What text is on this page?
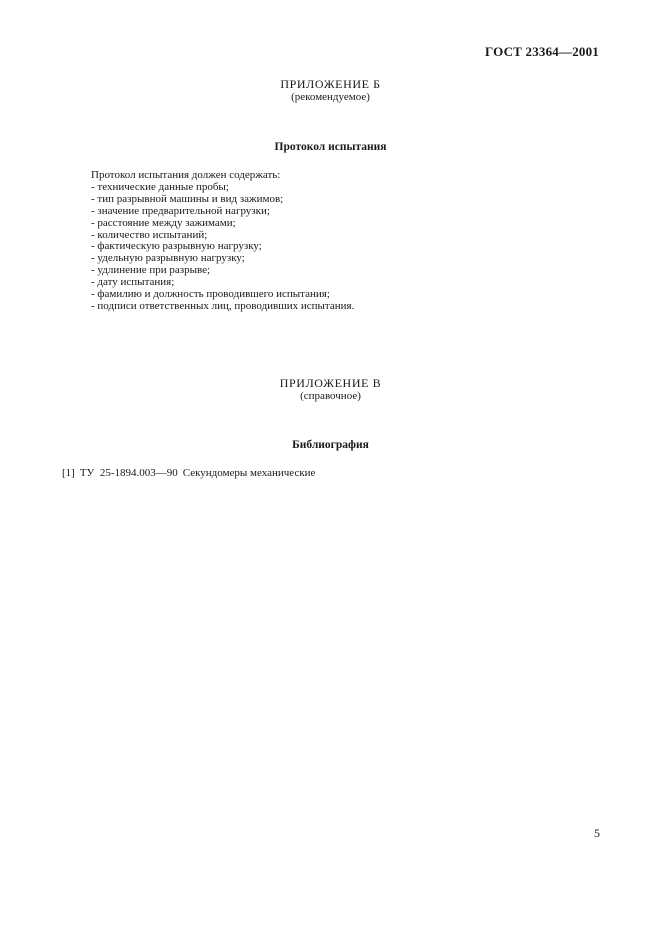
ГОСТ 23364—2001
ПРИЛОЖЕНИЕ Б
(рекомендуемое)
Протокол испытания
Протокол испытания должен содержать:
- технические данные пробы;
- тип разрывной машины и вид зажимов;
- значение предварительной нагрузки;
- расстояние между зажимами;
- количество испытаний;
- фактическую разрывную нагрузку;
- удельную разрывную нагрузку;
- удлинение при разрыве;
- дату испытания;
- фамилию и должность проводившего испытания;
- подписи ответственных лиц, проводивших испытания.
ПРИЛОЖЕНИЕ В
(справочное)
Библиография
[1] ТУ  25-1894.003—90 Секундомеры механические
5
